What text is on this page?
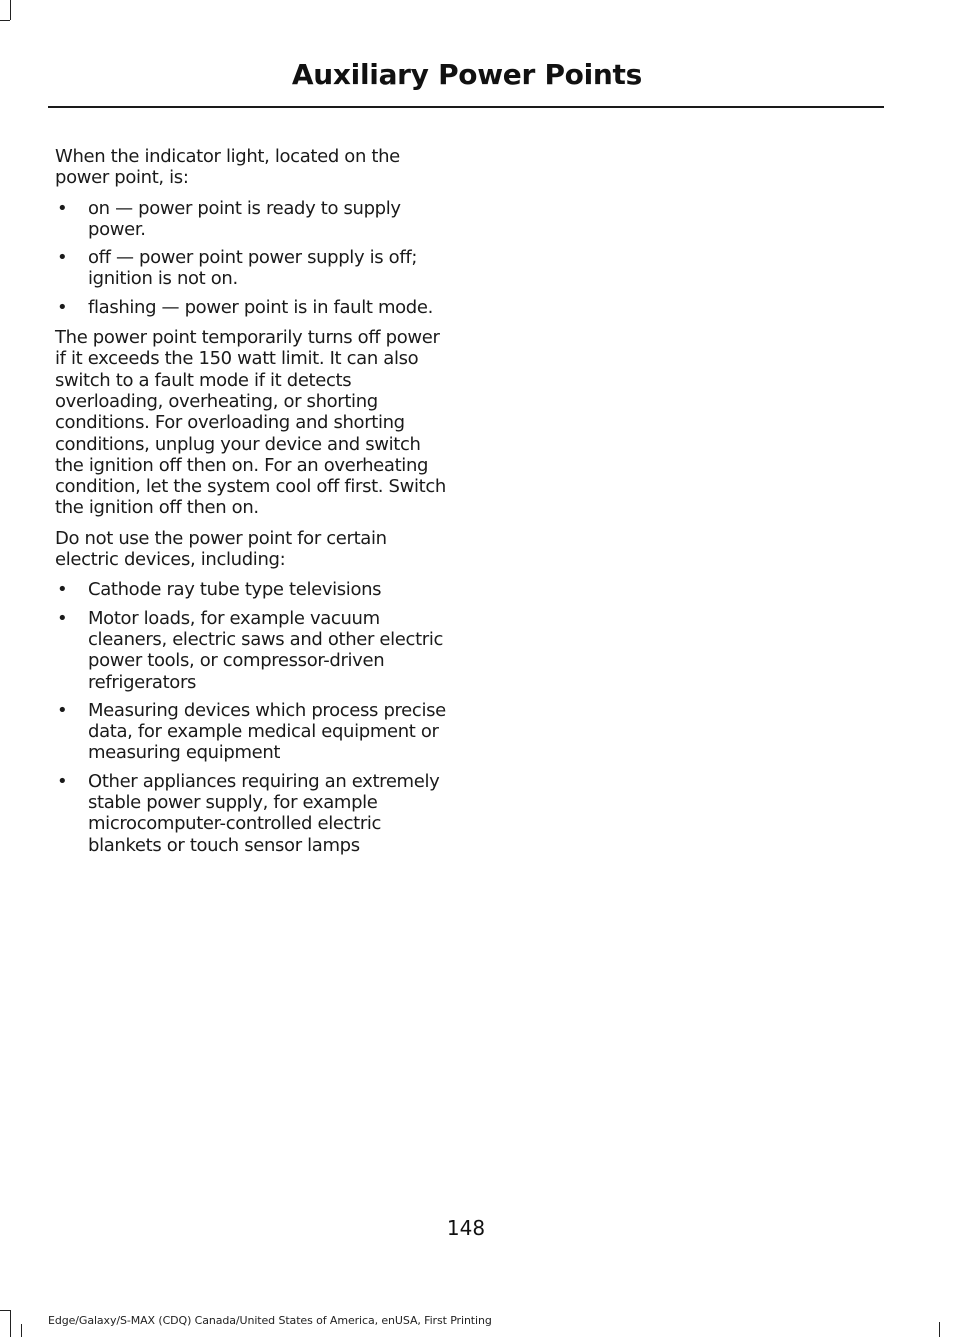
Auxiliary Power Points

When the indicator light, located on the power point, is:

• on — power point is ready to supply power.
• off — power point power supply is off; ignition is not on.
• flashing — power point is in fault mode.

The power point temporarily turns off power if it exceeds the 150 watt limit. It can also switch to a fault mode if it detects overloading, overheating, or shorting conditions. For overloading and shorting conditions, unplug your device and switch the ignition off then on. For an overheating condition, let the system cool off first. Switch the ignition off then on.

Do not use the power point for certain electric devices, including:

• Cathode ray tube type televisions
• Motor loads, for example vacuum cleaners, electric saws and other electric power tools, or compressor-driven refrigerators
• Measuring devices which process precise data, for example medical equipment or measuring equipment
• Other appliances requiring an extremely stable power supply, for example microcomputer-controlled electric blankets or touch sensor lamps
148
Edge/Galaxy/S-MAX (CDQ) Canada/United States of America, enUSA, First Printing
